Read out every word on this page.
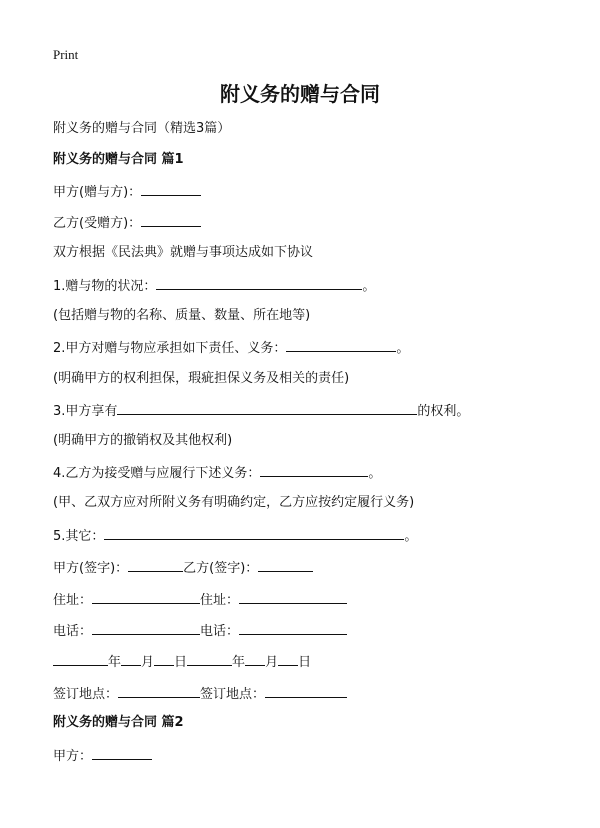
Print
附义务的赠与合同
附义务的赠与合同（精选3篇）
附义务的赠与合同 篇1
甲方(赠与方)：
乙方(受赠方)：
双方根据《民法典》就赠与事项达成如下协议
1.赠与物的状况：	。
(包括赠与物的名称、质量、数量、所在地等)
2.甲方对赠与物应承担如下责任、义务：	。
(明确甲方的权利担保，瑕疵担保义务及相关的责任)
3.甲方享有	的权利。
(明确甲方的撤销权及其他权利)
4.乙方为接受赠与应履行下述义务：	。
(甲、乙双方应对所附义务有明确约定，乙方应按约定履行义务)
5.其它：	。
甲方(签字)：	乙方(签字)：
住址：	住址：
电话：	电话：
年 月 日	年 月 日
签订地点：	签订地点：
附义务的赠与合同 篇2
甲方：
